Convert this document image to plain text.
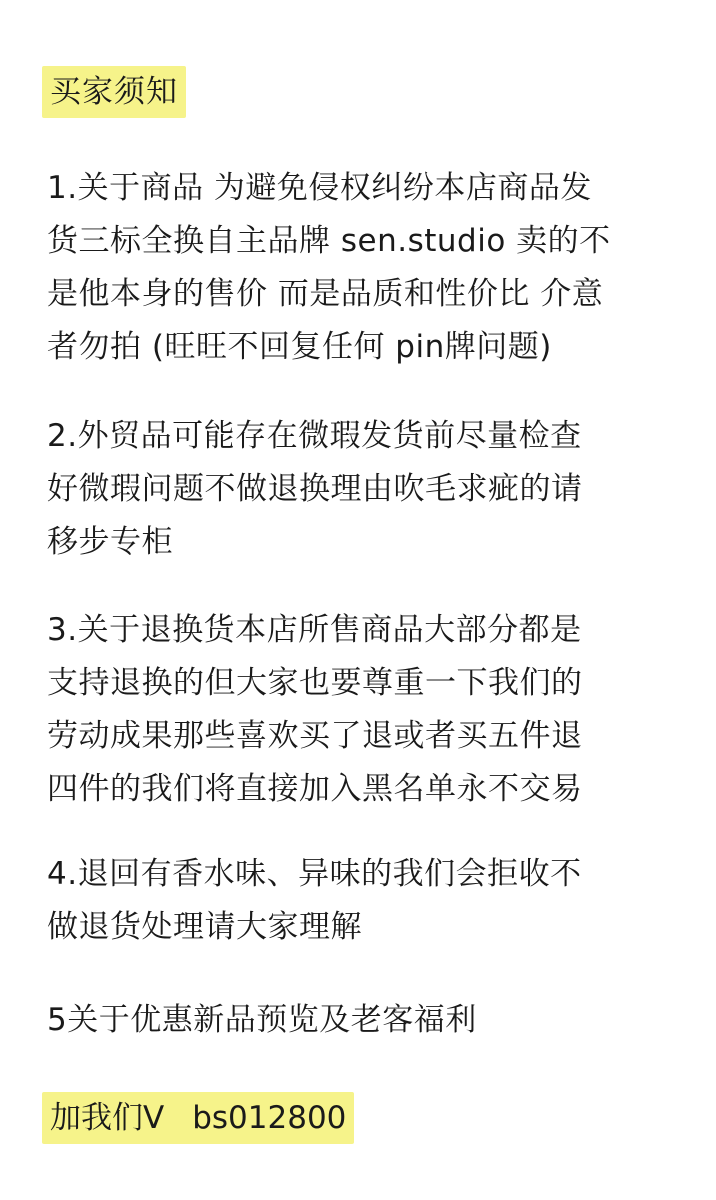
买家须知
1.关于商品 为避免侵权纠纷本店商品发
货三标全换自主品牌 sen.studio 卖的不
是他本身的售价 而是品质和性价比 介意
者勿拍 (旺旺不回复任何 pin牌问题)
2.外贸品可能存在微瑕发货前尽量检查
好微瑕问题不做退换理由吹毛求疵的请
移步专柜
3.关于退换货本店所售商品大部分都是
支持退换的但大家也要尊重一下我们的
劳动成果那些喜欢买了退或者买五件退
四件的我们将直接加入黑名单永不交易
4.退回有香水味、异味的我们会拒收不
做退货处理请大家理解
5关于优惠新品预览及老客福利
加我们V bs012800
